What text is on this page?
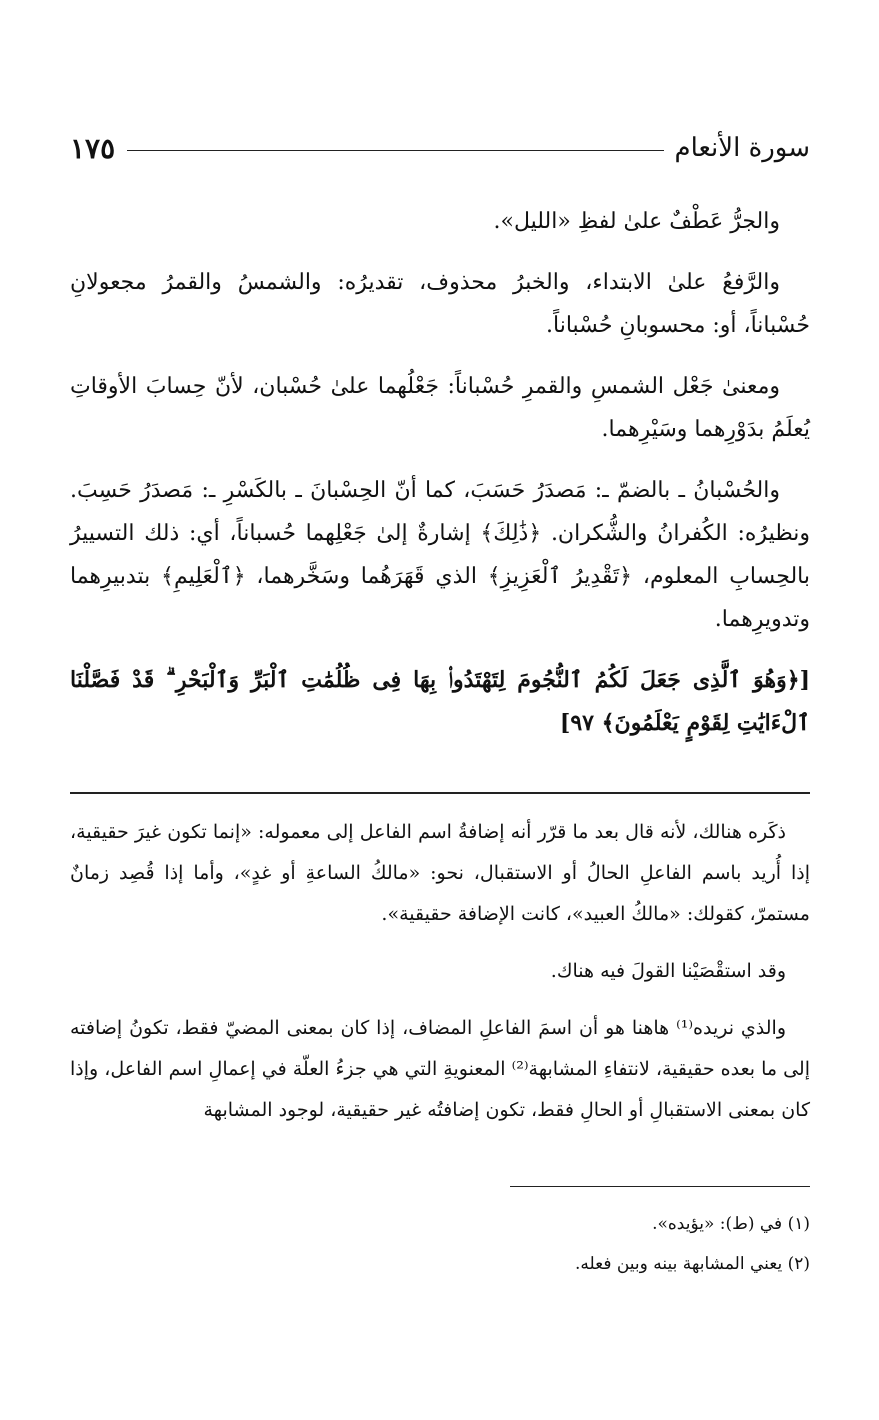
سورة الأنعام
١٧٥

والجرُّ عَطْفٌ علىٰ لفظِ «الليل».

والرَّفعُ علىٰ الابتداء، والخبرُ محذوف، تقديرُه: والشمسُ والقمرُ مجعولانِ حُسْباناً، أو: محسوبانِ حُسْباناً.

ومعنىٰ جَعْل الشمسِ والقمرِ حُسْباناً: جَعْلُهما علىٰ حُسْبان، لأنّ حِسابَ الأوقاتِ يُعلَمُ بدَوْرِهما وسَيْرِهما.

والحُسْبانُ ـ بالضمّ ـ: مَصدَرُ حَسَبَ، كما أنّ الحِسْبانَ ـ بالكَسْرِ ـ: مَصدَرُ حَسِبَ. ونظيرُه: الكُفرانُ والشُّكران. ﴿ذَٰلِكَ﴾ إشارةٌ إلىٰ جَعْلِهما حُسباناً، أي: ذلك التسييرُ بالحِسابِ المعلوم، ﴿تَقْدِيرُ ٱلْعَزِيزِ﴾ الذي قَهَرَهُما وسَخَّرهما، ﴿ٱلْعَلِيمِ﴾ بتدبيرِهما وتدويرِهما.

[﴿وَهُوَ ٱلَّذِى جَعَلَ لَكُمُ ٱلنُّجُومَ لِتَهْتَدُوا۟ بِهَا فِى ظُلُمَٰتِ ٱلْبَرِّ وَٱلْبَحْرِ ۗ قَدْ فَصَّلْنَا ٱلْءَايَٰتِ لِقَوْمٍ يَعْلَمُونَ﴾ ٩٧]

ذكَره هنالك، لأنه قال بعد ما قرّر أنه إضافةُ اسم الفاعل إلى معموله: «إنما تكون غيرَ حقيقية، إذا أُريد باسم الفاعلِ الحالُ أو الاستقبال، نحو: «مالكُ الساعةِ أو غدٍ»، وأما إذا قُصِد زمانٌ مستمرّ، كقولك: «مالكُ العبيد»، كانت الإضافة حقيقية».

وقد استقْصَيْنا القولَ فيه هناك.

والذي نريده⁽¹⁾ هاهنا هو أن اسمَ الفاعلِ المضاف، إذا كان بمعنى المضيّ فقط، تكونُ إضافته إلى ما بعده حقيقية، لانتفاءِ المشابهة⁽²⁾ المعنويةِ التي هي جزءُ العلّة في إعمالِ اسم الفاعل، وإذا كان بمعنى الاستقبالِ أو الحالِ فقط، تكون إضافتُه غير حقيقية، لوجود المشابهة

(١) في (ط): «يؤيده».

(٢) يعني المشابهة بينه وبين فعله.
